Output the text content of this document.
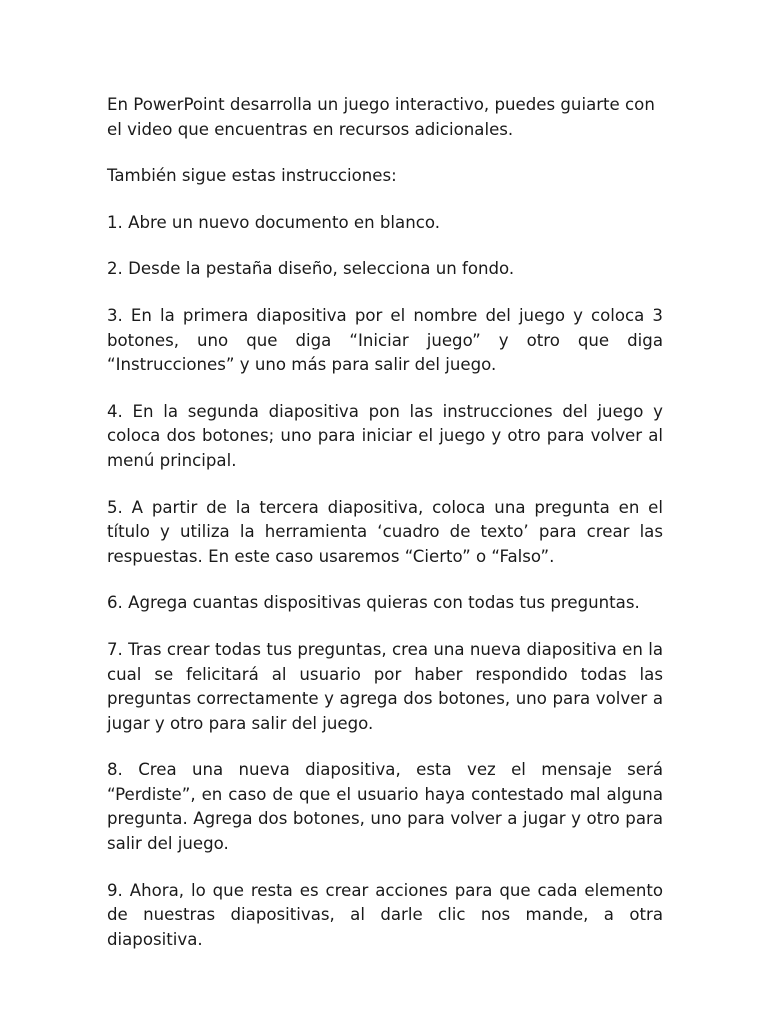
En PowerPoint desarrolla un juego interactivo, puedes guiarte con el video que encuentras en recursos adicionales.

También sigue estas instrucciones:

1. Abre un nuevo documento en blanco.

2. Desde la pestaña diseño, selecciona un fondo.

3. En la primera diapositiva por el nombre del juego y coloca 3 botones, uno que diga “Iniciar juego” y otro que diga “Instrucciones” y uno más para salir del juego.

4. En la segunda diapositiva pon las instrucciones del juego y coloca dos botones; uno para iniciar el juego y otro para volver al menú principal.

5. A partir de la tercera diapositiva, coloca una pregunta en el título y utiliza la herramienta ‘cuadro de texto’ para crear las respuestas. En este caso usaremos “Cierto” o “Falso”.

6. Agrega cuantas dispositivas quieras con todas tus preguntas.

7. Tras crear todas tus preguntas, crea una nueva diapositiva en la cual se felicitará al usuario por haber respondido todas las preguntas correctamente y agrega dos botones, uno para volver a jugar y otro para salir del juego.

8. Crea una nueva diapositiva, esta vez el mensaje será “Perdiste”, en caso de que el usuario haya contestado mal alguna pregunta. Agrega dos botones, uno para volver a jugar y otro para salir del juego.

9. Ahora, lo que resta es crear acciones para que cada elemento de nuestras diapositivas, al darle clic nos mande, a otra diapositiva.
